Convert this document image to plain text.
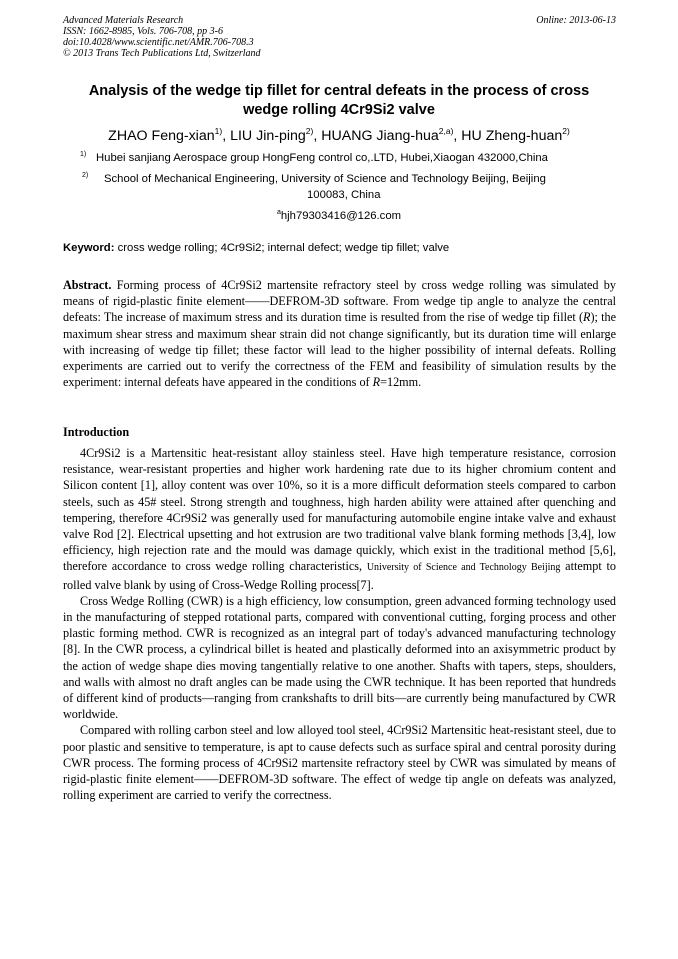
Advanced Materials Research
ISSN: 1662-8985, Vols. 706-708, pp 3-6
doi:10.4028/www.scientific.net/AMR.706-708.3
© 2013 Trans Tech Publications Ltd, Switzerland
Online: 2013-06-13
Analysis of the wedge tip fillet for central defeats in the process of cross
wedge rolling 4Cr9Si2 valve
ZHAO Feng-xian$^{1)}$, LIU Jin-ping$^{2)}$, HUANG Jiang-hua$^{2,a)}$, HU Zheng-huan$^{2)}$
1) Hubei sanjiang Aerospace group HongFeng control co,.LTD, Hubei,Xiaogan 432000,China
2) School of Mechanical Engineering, University of Science and Technology Beijing, Beijing
100083, China
$^a$hjh79303416@126.com
Keyword: cross wedge rolling; 4Cr9Si2; internal defect; wedge tip fillet; valve

Abstract. Forming process of 4Cr9Si2 martensite refractory steel by cross wedge rolling was simulated by means of rigid-plastic finite element——DEFROM-3D software. From wedge tip angle to analyze the central defeats: The increase of maximum stress and its duration time is resulted from the rise of wedge tip fillet (R); the maximum shear stress and maximum shear strain did not change significantly, but its duration time will enlarge with increasing of wedge tip fillet; these factor will lead to the higher possibility of internal defeats. Rolling experiments are carried out to verify the correctness of the FEM and feasibility of simulation results by the experiment: internal defeats have appeared in the conditions of R=12mm.

Introduction

4Cr9Si2 is a Martensitic heat-resistant alloy stainless steel. Have high temperature resistance, corrosion resistance, wear-resistant properties and higher work hardening rate due to its higher chromium content and Silicon content [1], alloy content was over 10%, so it is a more difficult deformation steels compared to carbon steels, such as 45# steel. Strong strength and toughness, high harden ability were attained after quenching and tempering, therefore 4Cr9Si2 was generally used for manufacturing automobile engine intake valve and exhaust valve Rod [2]. Electrical upsetting and hot extrusion are two traditional valve blank forming methods [3,4], low efficiency, high rejection rate and the mould was damage quickly, which exist in the traditional method [5,6], therefore accordance to cross wedge rolling characteristics, University of Science and Technology Beijing attempt to rolled valve blank by using of Cross-Wedge Rolling process[7].

Cross Wedge Rolling (CWR) is a high efficiency, low consumption, green advanced forming technology used in the manufacturing of stepped rotational parts, compared with conventional cutting, forging process and other plastic forming method. CWR is recognized as an integral part of today's advanced manufacturing technology [8]. In the CWR process, a cylindrical billet is heated and plastically deformed into an axisymmetric product by the action of wedge shape dies moving tangentially relative to one another. Shafts with tapers, steps, shoulders, and walls with almost no draft angles can be made using the CWR technique. It has been reported that hundreds of different kind of products—ranging from crankshafts to drill bits—are currently being manufactured by CWR worldwide.

Compared with rolling carbon steel and low alloyed tool steel, 4Cr9Si2 Martensitic heat-resistant steel, due to poor plastic and sensitive to temperature, is apt to cause defects such as surface spiral and central porosity during CWR process. The forming process of 4Cr9Si2 martensite refractory steel by CWR was simulated by means of rigid-plastic finite element——DEFROM-3D software. The effect of wedge tip angle on defeats was analyzed, rolling experiment are carried to verify the correctness.
